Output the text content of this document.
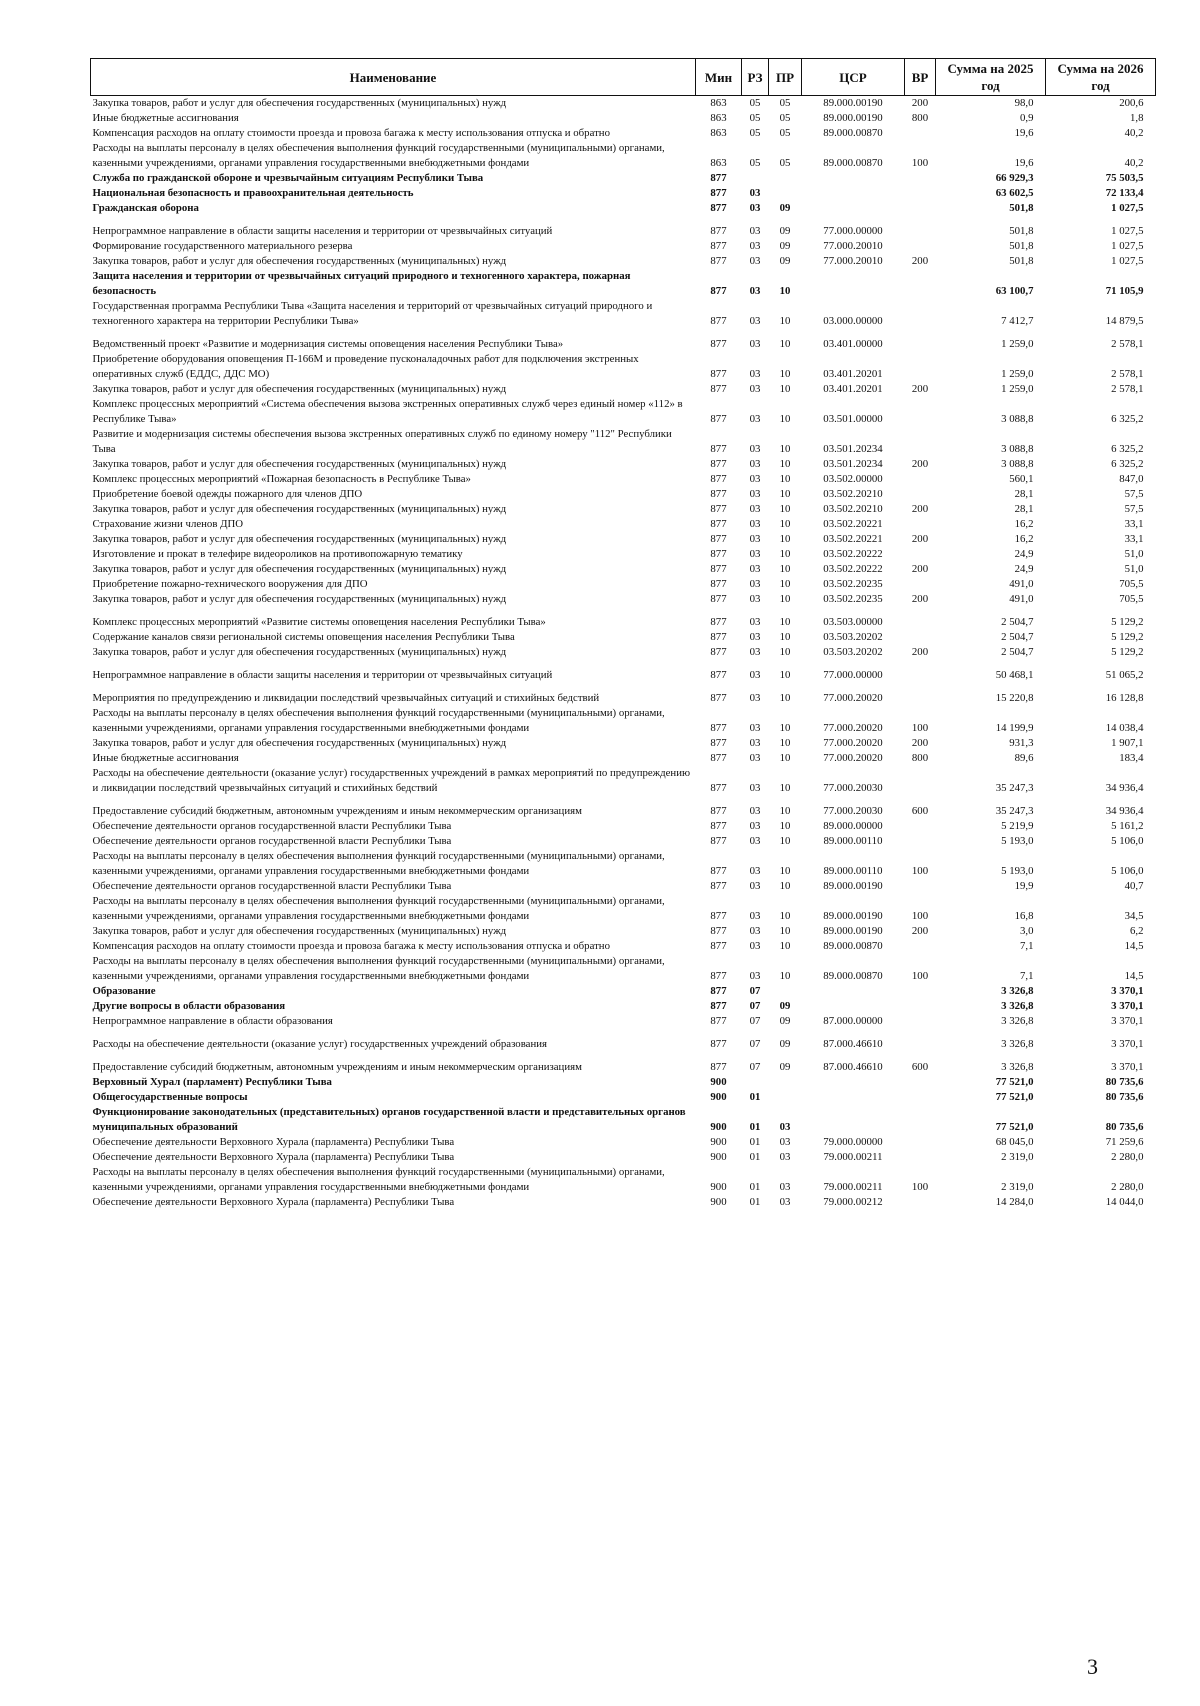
Наименование	Мин	РЗ	ПР	ЦСР	ВР	Сумма на 2025 год	Сумма на 2026 год
Закупка товаров, работ и услуг для обеспечения государственных (муниципальных) нужд	863	05	05	89.000.00190	200	98,0	200,6
Иные бюджетные ассигнования	863	05	05	89.000.00190	800	0,9	1,8
Компенсация расходов на оплату стоимости проезда и провоза багажа к месту использования отпуска и обратно	863	05	05	89.000.00870		19,6	40,2
Расходы на выплаты персоналу в целях обеспечения выполнения функций государственными (муниципальными) органами, казенными учреждениями, органами управления государственными внебюджетными фондами	863	05	05	89.000.00870	100	19,6	40,2
Служба по гражданской обороне и чрезвычайным ситуациям Республики Тыва	877					66 929,3	75 503,5
Национальная безопасность и правоохранительная деятельность	877	03				63 602,5	72 133,4
Гражданская оборона	877	03	09			501,8	1 027,5
Непрограммное направление в области защиты населения и территории от чрезвычайных ситуаций	877	03	09	77.000.00000		501,8	1 027,5
Формирование государственного материального резерва	877	03	09	77.000.20010		501,8	1 027,5
Закупка товаров, работ и услуг для обеспечения государственных (муниципальных) нужд	877	03	09	77.000.20010	200	501,8	1 027,5
Защита населения и территории от чрезвычайных ситуаций природного и техногенного характера, пожарная безопасность	877	03	10			63 100,7	71 105,9
Государственная программа Республики Тыва «Защита населения и территорий от чрезвычайных ситуаций природного и техногенного характера на территории Республики Тыва»	877	03	10	03.000.00000		7 412,7	14 879,5
Ведомственный проект «Развитие и модернизация системы оповещения населения Республики Тыва»	877	03	10	03.401.00000		1 259,0	2 578,1
Приобретение оборудования оповещения П-166М и проведение пусконаладочных работ для подключения экстренных оперативных служб (ЕДДС, ДДС МО)	877	03	10	03.401.20201		1 259,0	2 578,1
Закупка товаров, работ и услуг для обеспечения государственных (муниципальных) нужд	877	03	10	03.401.20201	200	1 259,0	2 578,1
Комплекс процессных мероприятий «Система обеспечения вызова экстренных оперативных служб через единый номер «112» в Республике Тыва»	877	03	10	03.501.00000		3 088,8	6 325,2
Развитие и модернизация системы обеспечения вызова экстренных оперативных служб по единому номеру "112" Республики Тыва	877	03	10	03.501.20234		3 088,8	6 325,2
Закупка товаров, работ и услуг для обеспечения государственных (муниципальных) нужд	877	03	10	03.501.20234	200	3 088,8	6 325,2
Комплекс процессных мероприятий «Пожарная безопасность в Республике Тыва»	877	03	10	03.502.00000		560,1	847,0
Приобретение боевой одежды пожарного для членов ДПО	877	03	10	03.502.20210		28,1	57,5
Закупка товаров, работ и услуг для обеспечения государственных (муниципальных) нужд	877	03	10	03.502.20210	200	28,1	57,5
Страхование жизни членов ДПО	877	03	10	03.502.20221		16,2	33,1
Закупка товаров, работ и услуг для обеспечения государственных (муниципальных) нужд	877	03	10	03.502.20221	200	16,2	33,1
Изготовление и прокат в телефире видеороликов на противопожарную тематику	877	03	10	03.502.20222		24,9	51,0
Закупка товаров, работ и услуг для обеспечения государственных (муниципальных) нужд	877	03	10	03.502.20222	200	24,9	51,0
Приобретение пожарно-технического вооружения для ДПО	877	03	10	03.502.20235		491,0	705,5
Закупка товаров, работ и услуг для обеспечения государственных (муниципальных) нужд	877	03	10	03.502.20235	200	491,0	705,5
Комплекс процессных мероприятий «Развитие системы оповещения населения Республики Тыва»	877	03	10	03.503.00000		2 504,7	5 129,2
Содержание каналов связи региональной системы оповещения населения Республики Тыва	877	03	10	03.503.20202		2 504,7	5 129,2
Закупка товаров, работ и услуг для обеспечения государственных (муниципальных) нужд	877	03	10	03.503.20202	200	2 504,7	5 129,2
Непрограммное направление в области защиты населения и территории от чрезвычайных ситуаций	877	03	10	77.000.00000		50 468,1	51 065,2
Мероприятия по предупреждению и ликвидации последствий чрезвычайных ситуаций и стихийных бедствий	877	03	10	77.000.20020		15 220,8	16 128,8
Расходы на выплаты персоналу в целях обеспечения выполнения функций государственными (муниципальными) органами, казенными учреждениями, органами управления государственными внебюджетными фондами	877	03	10	77.000.20020	100	14 199,9	14 038,4
Закупка товаров, работ и услуг для обеспечения государственных (муниципальных) нужд	877	03	10	77.000.20020	200	931,3	1 907,1
Иные бюджетные ассигнования	877	03	10	77.000.20020	800	89,6	183,4
Расходы на обеспечение деятельности (оказание услуг) государственных учреждений в рамках мероприятий по предупреждению и ликвидации последствий чрезвычайных ситуаций и стихийных бедствий	877	03	10	77.000.20030		35 247,3	34 936,4
Предоставление субсидий бюджетным, автономным учреждениям и иным некоммерческим организациям	877	03	10	77.000.20030	600	35 247,3	34 936,4
Обеспечение деятельности органов государственной власти Республики Тыва	877	03	10	89.000.00000		5 219,9	5 161,2
Обеспечение деятельности органов государственной власти Республики Тыва	877	03	10	89.000.00110		5 193,0	5 106,0
Расходы на выплаты персоналу в целях обеспечения выполнения функций государственными (муниципальными) органами, казенными учреждениями, органами управления государственными внебюджетными фондами	877	03	10	89.000.00110	100	5 193,0	5 106,0
Обеспечение деятельности органов государственной власти Республики Тыва	877	03	10	89.000.00190		19,9	40,7
Расходы на выплаты персоналу в целях обеспечения выполнения функций государственными (муниципальными) органами, казенными учреждениями, органами управления государственными внебюджетными фондами	877	03	10	89.000.00190	100	16,8	34,5
Закупка товаров, работ и услуг для обеспечения государственных (муниципальных) нужд	877	03	10	89.000.00190	200	3,0	6,2
Компенсация расходов на оплату стоимости проезда и провоза багажа к месту использования отпуска и обратно	877	03	10	89.000.00870		7,1	14,5
Расходы на выплаты персоналу в целях обеспечения выполнения функций государственными (муниципальными) органами, казенными учреждениями, органами управления государственными внебюджетными фондами	877	03	10	89.000.00870	100	7,1	14,5
Образование	877	07				3 326,8	3 370,1
Другие вопросы в области образования	877	07	09			3 326,8	3 370,1
Непрограммное направление в области образования	877	07	09	87.000.00000		3 326,8	3 370,1
Расходы на обеспечение деятельности (оказание услуг) государственных учреждений образования	877	07	09	87.000.46610		3 326,8	3 370,1
Предоставление субсидий бюджетным, автономным учреждениям и иным некоммерческим организациям	877	07	09	87.000.46610	600	3 326,8	3 370,1
Верховный Хурал (парламент) Республики Тыва	900					77 521,0	80 735,6
Общегосударственные вопросы	900	01				77 521,0	80 735,6
Функционирование законодательных (представительных) органов государственной власти и представительных органов муниципальных образований	900	01	03			77 521,0	80 735,6
Обеспечение деятельности Верховного Хурала (парламента) Республики Тыва	900	01	03	79.000.00000		68 045,0	71 259,6
Обеспечение деятельности Верховного Хурала (парламента) Республики Тыва	900	01	03	79.000.00211		2 319,0	2 280,0
Расходы на выплаты персоналу в целях обеспечения выполнения функций государственными (муниципальными) органами, казенными учреждениями, органами управления государственными внебюджетными фондами	900	01	03	79.000.00211	100	2 319,0	2 280,0
Обеспечение деятельности Верховного Хурала (парламента) Республики Тыва	900	01	03	79.000.00212		14 284,0	14 044,0
3
